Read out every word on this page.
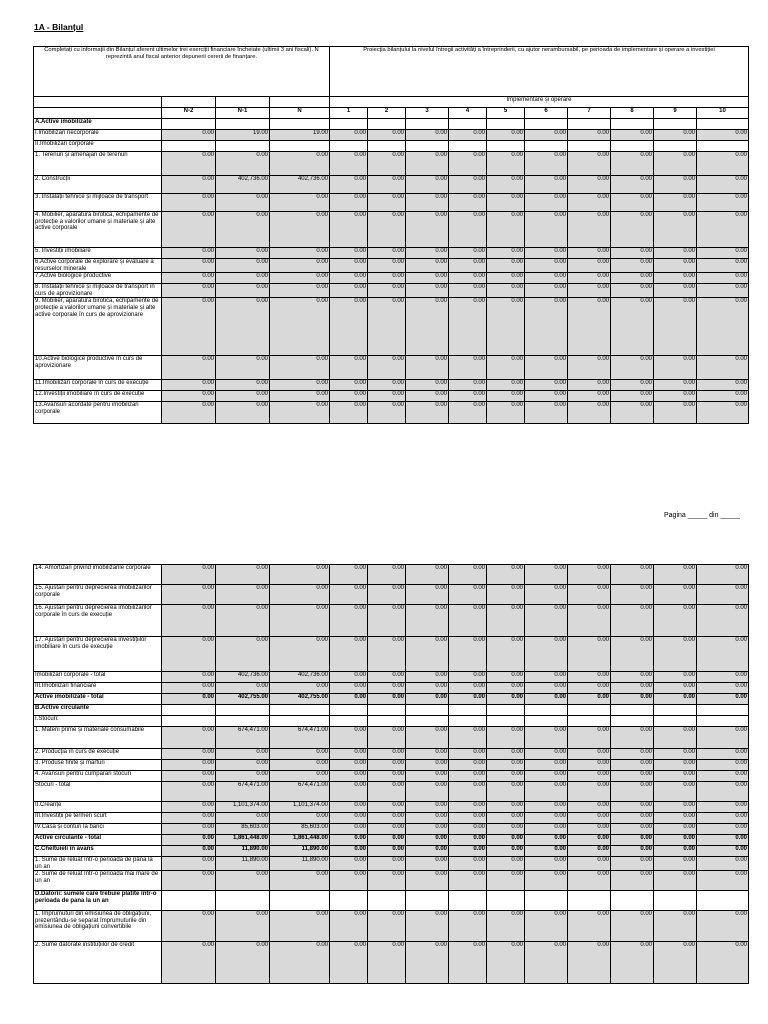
1A - Bilanțul
Completați cu informații din Bilanțul aferent ultimelor trei exerciții financiare încheiate (ultimii 3 ani fiscali). N reprezintă anul fiscal anterior depunerii cererii de finanțare.				Proiecția bilanțului la nivelul întregii activități a întreprinderii, cu ajutor nerambursabil, pe perioada de implementare și operare a investiției									
				Implementare și operare									
	N-2	N-1	N	1	2	3	4	5	6	7	8	9	10
A.Active imobilizate													
I.Imobilizări necorporale	0.00	19.00	19.00	0.00	0.00	0.00	0.00	0.00	0.00	0.00	0.00	0.00	0.00
II.Imobilizări corporale													
1. Terenuri și amenajări de terenuri	0.00	0.00	0.00	0.00	0.00	0.00	0.00	0.00	0.00	0.00	0.00	0.00	0.00
2. Construcții	0.00	402,736.00	402,736.00	0.00	0.00	0.00	0.00	0.00	0.00	0.00	0.00	0.00	0.00
3. Instalații tehnice și mijloace de transport	0.00	0.00	0.00	0.00	0.00	0.00	0.00	0.00	0.00	0.00	0.00	0.00	0.00
4. Mobilier, aparatură birotică, echipamente de protecție a valorilor umane și materiale și alte active corporale	0.00	0.00	0.00	0.00	0.00	0.00	0.00	0.00	0.00	0.00	0.00	0.00	0.00
5. Investiții imobiliare	0.00	0.00	0.00	0.00	0.00	0.00	0.00	0.00	0.00	0.00	0.00	0.00	0.00
6.Active corporale de explorare și evaluare a resurselor minerale	0.00	0.00	0.00	0.00	0.00	0.00	0.00	0.00	0.00	0.00	0.00	0.00	0.00
7.Active biologice productive	0.00	0.00	0.00	0.00	0.00	0.00	0.00	0.00	0.00	0.00	0.00	0.00	0.00
8. Instalații tehnice și mijloace de transport în curs de aprovizionare	0.00	0.00	0.00	0.00	0.00	0.00	0.00	0.00	0.00	0.00	0.00	0.00	0.00
9. Mobilier, aparatură birotică, echipamente de protecție a valorilor umane și materiale și alte active corporale în curs de aprovizionare	0.00	0.00	0.00	0.00	0.00	0.00	0.00	0.00	0.00	0.00	0.00	0.00	0.00
10.Active biologice productive în curs de aprovizionare	0.00	0.00	0.00	0.00	0.00	0.00	0.00	0.00	0.00	0.00	0.00	0.00	0.00
11.Imobilizări corporale în curs de execuție	0.00	0.00	0.00	0.00	0.00	0.00	0.00	0.00	0.00	0.00	0.00	0.00	0.00
12.Investiții imobiliare în curs de execuție	0.00	0.00	0.00	0.00	0.00	0.00	0.00	0.00	0.00	0.00	0.00	0.00	0.00
13.Avansuri acordate pentru imobilizări corporale	0.00	0.00	0.00	0.00	0.00	0.00	0.00	0.00	0.00	0.00	0.00	0.00	0.00
Pagina _____ din _____
14. Amortizări privind imobilizările corporale	0.00	0.00	0.00	0.00	0.00	0.00	0.00	0.00	0.00	0.00	0.00	0.00	0.00
15. Ajustări pentru deprecierea imobilizărilor corporale	0.00	0.00	0.00	0.00	0.00	0.00	0.00	0.00	0.00	0.00	0.00	0.00	0.00
16. Ajustări pentru deprecierea imobilizărilor corporale în curs de execuție	0.00	0.00	0.00	0.00	0.00	0.00	0.00	0.00	0.00	0.00	0.00	0.00	0.00
17. Ajustări pentru deprecierea investițiilor imobiliare în curs de execuție	0.00	0.00	0.00	0.00	0.00	0.00	0.00	0.00	0.00	0.00	0.00	0.00	0.00
Imobilizări corporale - total	0.00	402,736.00	402,736.00	0.00	0.00	0.00	0.00	0.00	0.00	0.00	0.00	0.00	0.00
III.Imobilizări financiare	0.00	0.00	0.00	0.00	0.00	0.00	0.00	0.00	0.00	0.00	0.00	0.00	0.00
Active imobilizate - total	0.00	402,755.00	402,755.00	0.00	0.00	0.00	0.00	0.00	0.00	0.00	0.00	0.00	0.00
B.Active circulante													
I.Stocuri:													
1. Materii prime și materiale consumabile	0.00	674,471.00	674,471.00	0.00	0.00	0.00	0.00	0.00	0.00	0.00	0.00	0.00	0.00
2. Producția în curs de execuție	0.00	0.00	0.00	0.00	0.00	0.00	0.00	0.00	0.00	0.00	0.00	0.00	0.00
3. Produse finite și mărfuri	0.00	0.00	0.00	0.00	0.00	0.00	0.00	0.00	0.00	0.00	0.00	0.00	0.00
4. Avansuri pentru cumpărari stocuri	0.00	0.00	0.00	0.00	0.00	0.00	0.00	0.00	0.00	0.00	0.00	0.00	0.00
Stocuri - total	0.00	674,471.00	674,471.00	0.00	0.00	0.00	0.00	0.00	0.00	0.00	0.00	0.00	0.00
II.Creanțe	0.00	1,101,374.00	1,101,374.00	0.00	0.00	0.00	0.00	0.00	0.00	0.00	0.00	0.00	0.00
III.Investiții pe termen scurt	0.00	0.00	0.00	0.00	0.00	0.00	0.00	0.00	0.00	0.00	0.00	0.00	0.00
IV.Casa și conturi la bănci	0.00	85,603.00	85,603.00	0.00	0.00	0.00	0.00	0.00	0.00	0.00	0.00	0.00	0.00
Active circulante - total	0.00	1,861,448.00	1,861,448.00	0.00	0.00	0.00	0.00	0.00	0.00	0.00	0.00	0.00	0.00
C.Cheltuieli în avans	0.00	11,890.00	11,890.00	0.00	0.00	0.00	0.00	0.00	0.00	0.00	0.00	0.00	0.00
1. Sume de reluat într-o perioadă de până la un an	0.00	11,890.00	11,890.00	0.00	0.00	0.00	0.00	0.00	0.00	0.00	0.00	0.00	0.00
2. Sume de reluat într-o perioadă mai mare de un an	0.00	0.00	0.00	0.00	0.00	0.00	0.00	0.00	0.00	0.00	0.00	0.00	0.00
D.Datorii: sumele care trebuie plătite într-o perioada de pana la un an													
1. Împrumuturi din emisiunea de obligațiuni, prezentându-se separat împrumuturile din emisiunea de obligațiuni convertibile	0.00	0.00	0.00	0.00	0.00	0.00	0.00	0.00	0.00	0.00	0.00	0.00	0.00
2. Sume datorate instituțiilor de credit	0.00	0.00	0.00	0.00	0.00	0.00	0.00	0.00	0.00	0.00	0.00	0.00	0.00
